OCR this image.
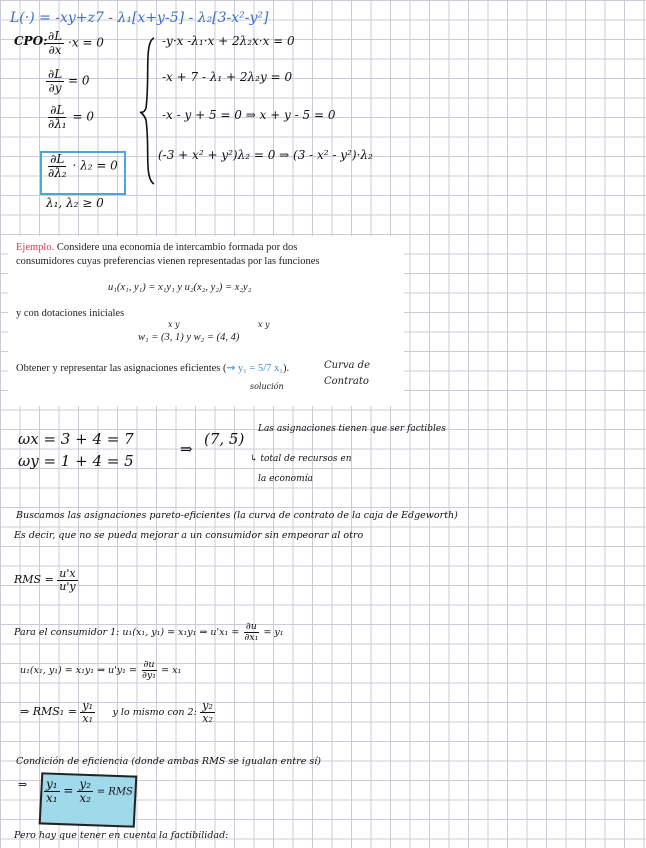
L(·) = -xy+z7 - λ₁[x+y-5] - λ₂[3-x²-y²]
CPO:
$\frac{\partial L}{\partial x} \cdot x = 0$	-y·x -λ₁·x + 2λ₂x·x = 0
$\frac{\partial L}{\partial y} = 0$	-x + 7 - λ₁ + 2λ₂y = 0
$\frac{\partial L}{\text{∂λ₁}} = 0$	-x - y + 5 = 0 ⇒ x + y - 5 = 0
$\frac{\partial L}{\text{∂λ₂}} \cdot \lambda_2 = 0$
(-3 + x² + y²)λ₂ = 0 ⇒ (3 - x² - y²)·λ₂
λ₁, λ₂ ≥ 0
Ejemplo. Considere una economía de intercambio formada por dos
consumidores cuyas preferencias vienen representadas por las funciones
u₁(x₁, y₁) = x₁y₁ y u₂(x₂, y₂) = x₂y₂
y con dotaciones iniciales
x y	x y
w₁ = (3, 1) y w₂ = (4, 4)
Obtener y representar las asignaciones eficientes (⇝ y₁ = 5/7 x₁).
solución
Curva de
Contrato
ωx = 3 + 4 = 7
ωy = 1 + 4 = 5
⇒
(7, 5)
Las asignaciones tienen que ser factibles
↳ total de recursos en
la economía
Buscamos las asignaciones pareto-eficientes (la curva de contrato de la caja de Edgeworth)
Es decir, que no se pueda mejorar a un consumidor sin empeorar al otro
RMS = $\frac{u'x}{u'y}$
Para el consumidor 1: u₁(x₁, y₁) = x₁y₁ ⇒ $u'x_1 = \frac{\partial u}{\text{∂x₁}} = y_1$
u₁(x₁, y₁) = x₁y₁ ⇒ $u'y_1 = \frac{\partial u}{\text{∂y₁}} = x_1$
⇒ $RMS_1 = \frac{\text{y₁}}{\text{x₁}}$ y lo mismo con 2: $\frac{\text{y₂}}{\text{x₂}}$
Condición de eficiencia (donde ambas RMS se igualan entre sí)
⇒ $\frac{\text{y₁}}{\text{x₁}} = \frac{\text{y₂}}{\text{x₂}}$ = RMS
Pero hay que tener en cuenta la factibilidad:
